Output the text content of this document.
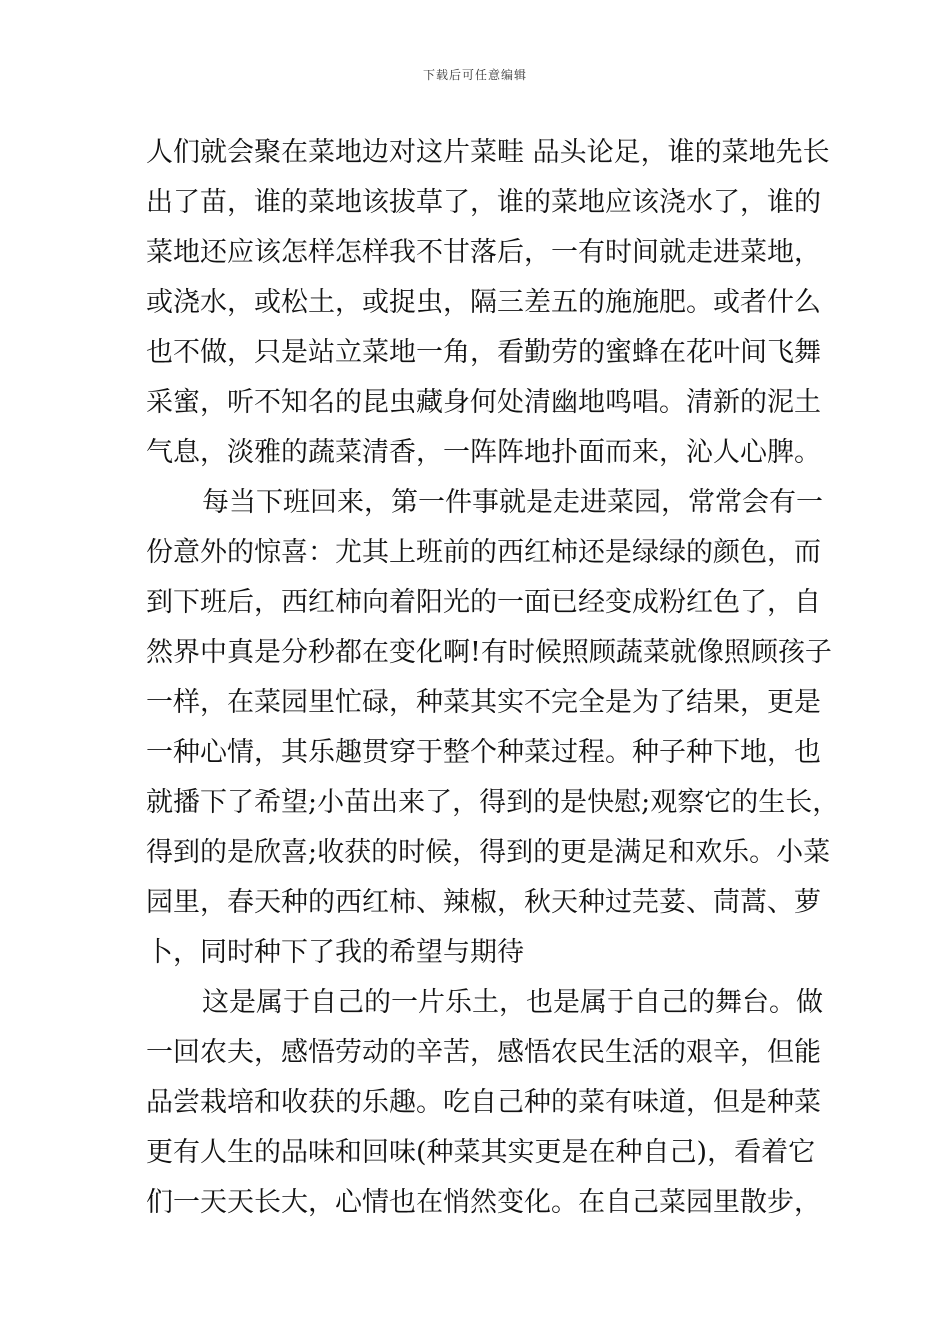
下载后可任意编辑
人们就会聚在菜地边对这片菜畦 品头论足，谁的菜地先长
出了苗，谁的菜地该拔草了，谁的菜地应该浇水了，谁的
菜地还应该怎样怎样我不甘落后，一有时间就走进菜地，
或浇水，或松土，或捉虫，隔三差五的施施肥。或者什么
也不做，只是站立菜地一角，看勤劳的蜜蜂在花叶间飞舞
采蜜，听不知名的昆虫藏身何处清幽地鸣唱。清新的泥土
气息，淡雅的蔬菜清香，一阵阵地扑面而来，沁人心脾。
每当下班回来，第一件事就是走进菜园，常常会有一
份意外的惊喜：尤其上班前的西红柿还是绿绿的颜色，而
到下班后，西红柿向着阳光的一面已经变成粉红色了，自
然界中真是分秒都在变化啊!有时候照顾蔬菜就像照顾孩子
一样，在菜园里忙碌，种菜其实不完全是为了结果，更是
一种心情，其乐趣贯穿于整个种菜过程。种子种下地，也
就播下了希望;小苗出来了，得到的是快慰;观察它的生长，
得到的是欣喜;收获的时候，得到的更是满足和欢乐。小菜
园里，春天种的西红柿、辣椒，秋天种过芫荽、茼蒿、萝
卜，同时种下了我的希望与期待
这是属于自己的一片乐土，也是属于自己的舞台。做
一回农夫，感悟劳动的辛苦，感悟农民生活的艰辛，但能
品尝栽培和收获的乐趣。吃自己种的菜有味道，但是种菜
更有人生的品味和回味(种菜其实更是在种自己)，看着它
们一天天长大，心情也在悄然变化。在自己菜园里散步，
